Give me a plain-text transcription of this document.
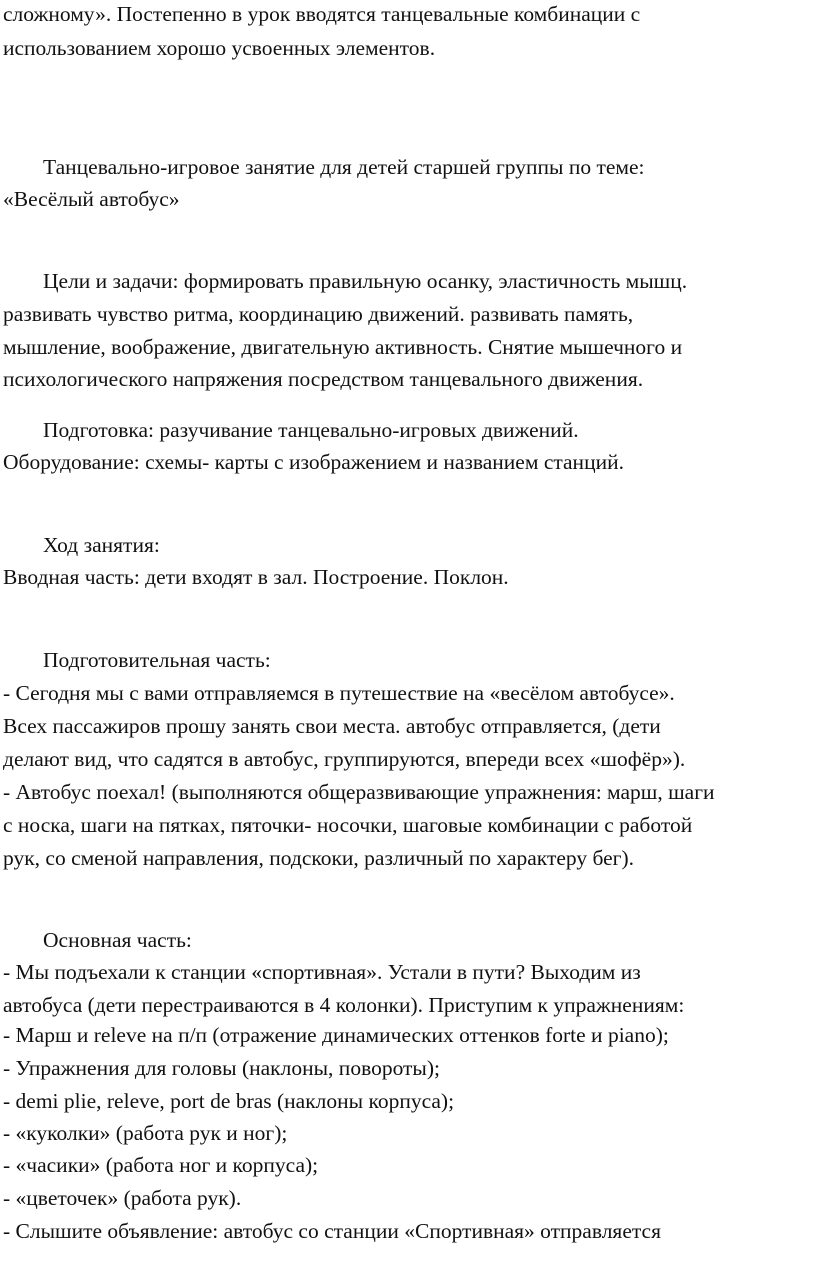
сложному». Постепенно в урок вводятся танцевальные комбинации с
использованием хорошо усвоенных элементов.
Танцевально-игровое занятие для детей старшей группы по теме:
«Весёлый автобус»
Цели и задачи: формировать правильную осанку, эластичность мышц.
развивать чувство ритма, координацию движений. развивать память,
мышление, воображение, двигательную активность. Снятие мышечного и
психологического напряжения посредством танцевального движения.
Подготовка: разучивание танцевально-игровых движений.
Оборудование: схемы- карты с изображением и названием станций.
Ход занятия:
Вводная часть: дети входят в зал. Построение. Поклон.
Подготовительная часть:
- Сегодня мы с вами отправляемся в путешествие на «весёлом автобусе».
Всех пассажиров прошу занять свои места. автобус отправляется, (дети
делают вид, что садятся в автобус, группируются, впереди всех «шофёр»).
- Автобус поехал! (выполняются общеразвивающие упражнения: марш, шаги
с носка, шаги на пятках, пяточки- носочки, шаговые комбинации с работой
рук, со сменой направления, подскоки, различный по характеру бег).
Основная часть:
- Мы подъехали к станции «спортивная». Устали в пути? Выходим из
автобуса (дети перестраиваются в 4 колонки). Приступим к упражнениям:
- Марш и releve на п/п (отражение динамических оттенков forte и piano);
- Упражнения для головы (наклоны, повороты);
- demi plie, releve, port de bras (наклоны корпуса);
- «куколки» (работа рук и ног);
- «часики» (работа ног и корпуса);
- «цветочек» (работа рук).
- Слышите объявление: автобус со станции «Спортивная» отправляется
